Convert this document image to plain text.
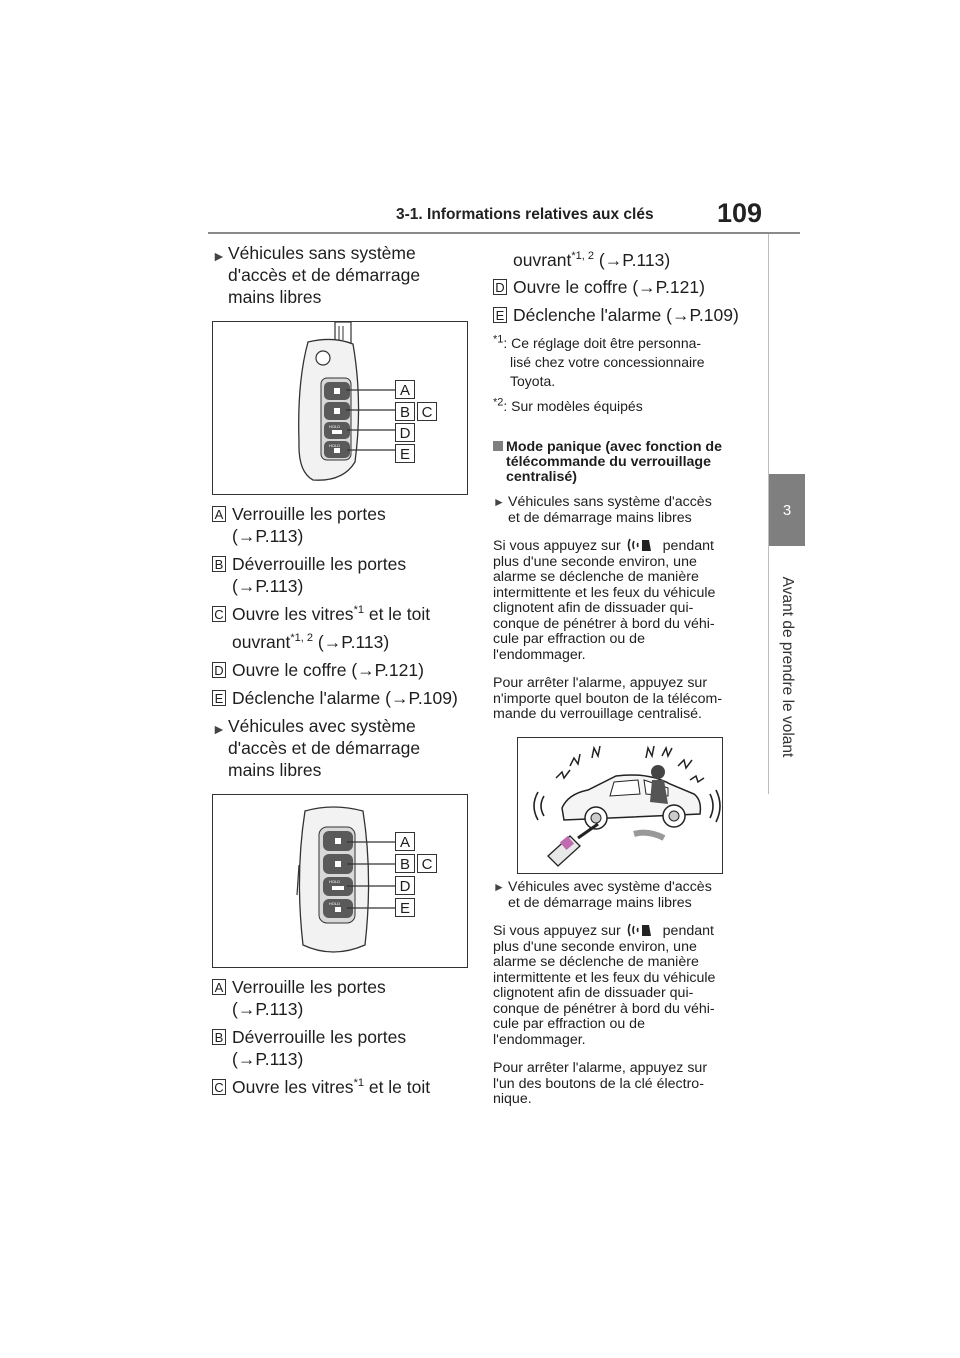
3-1. Informations relatives aux clés 109
3
Avant de prendre le volant
► Véhicules sans système
d'accès et de démarrage
mains libres
HOLD
HOLD
A
B C
D
E
A Verrouille les portes
(→P.113)
B Déverrouille les portes
(→P.113)
C Ouvre les vitres$^{*1}$ et le toit
ouvrant$^{*1, 2}$ (→P.113)
D Ouvre le coffre (→P.121)
E Déclenche l'alarme (→P.109)
► Véhicules avec système
d'accès et de démarrage
mains libres
HOLD
HOLD
A
B C
D
E
A Verrouille les portes
(→P.113)
B Déverrouille les portes
(→P.113)
C Ouvre les vitres$^{*1}$ et le toit
ouvrant$^{*1, 2}$ (→P.113)
D Ouvre le coffre (→P.121)
E Déclenche l'alarme (→P.109)
$^{*1}$: Ce réglage doit être personna-
lisé chez votre concessionnaire
Toyota.
$^{*2}$: Sur modèles équipés
Mode panique (avec fonction de
télécommande du verrouillage
centralisé)
► Véhicules sans système d'accès
et de démarrage mains libres
Si vous appuyez sur	pendant
plus d'une seconde environ, une
alarme se déclenche de manière
intermittente et les feux du véhicule
clignotent afin de dissuader qui-
conque de pénétrer à bord du véhi-
cule par effraction ou de
l'endommager.
Pour arrêter l'alarme, appuyez sur
n'importe quel bouton de la télécom-
mande du verrouillage centralisé.
► Véhicules avec système d'accès
et de démarrage mains libres
Si vous appuyez sur	pendant
plus d'une seconde environ, une
alarme se déclenche de manière
intermittente et les feux du véhicule
clignotent afin de dissuader qui-
conque de pénétrer à bord du véhi-
cule par effraction ou de
l'endommager.
Pour arrêter l'alarme, appuyez sur
l'un des boutons de la clé électro-
nique.
